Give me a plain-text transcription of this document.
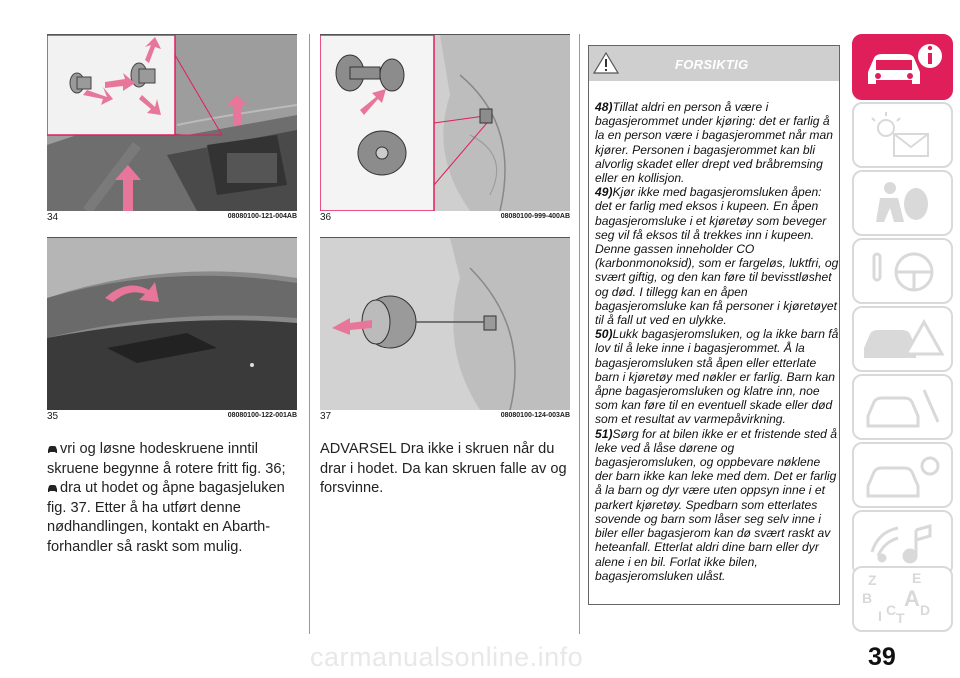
34	08080100-121-004AB
35	08080100-122-001AB
36	08080100-999-400AB
37	08080100-124-003AB

vri og løsne hodeskruene inntil skruene begynne å rotere fritt fig. 36;

dra ut hodet og åpne bagasjeluken fig. 37. Etter å ha utført denne nødhandlingen, kontakt en Abarth-forhandler så raskt som mulig.

ADVARSEL Dra ikke i skruen når du drar i hodet. Da kan skruen falle av og forsvinne.

FORSIKTIG

48)Tillat aldri en person å være i bagasjerommet under kjøring: det er farlig å la en person være i bagasjerommet når man kjører. Personen i bagasjerommet kan bli alvorlig skadet eller drept ved bråbremsing eller en kollisjon.

49)Kjør ikke med bagasjeromsluken åpen: det er farlig med eksos i kupeen. En åpen bagasjeromsluke i et kjøretøy som beveger seg vil få eksos til å trekkes inn i kupeen. Denne gassen inneholder CO (karbonmonoksid), som er fargeløs, luktfri, og svært giftig, og den kan føre til bevisstløshet og død. I tillegg kan en åpen bagasjeromsluke kan få personer i kjøretøyet til å fall ut ved en ulykke.

50)Lukk bagasjeromsluken, og la ikke barn få lov til å leke inne i bagasjerommet. Å la bagasjeromsluken stå åpen eller etterlate barn i kjøretøy med nøkler er farlig. Barn kan åpne bagasjeromsluken og klatre inn, noe som kan føre til en eventuell skade eller død som et resultat av varmepåvirkning.

51)Sørg for at bilen ikke er et fristende sted å leke ved å låse dørene og bagasjeromsluken, og oppbevare nøklene der barn ikke kan leke med dem. Det er farlig å la barn og dyr være uten oppsyn inne i et parkert kjøretøy. Spedbarn som etterlates sovende og barn som låser seg selv inne i biler eller bagasjerom kan dø svært raskt av heteanfall. Etterlat aldri dine barn eller dyr alene i en bil. Forlat ikke bilen, bagasjeromsluken ulåst.	Z	E
B
C A D
I T
carmanualsonline.info	39
